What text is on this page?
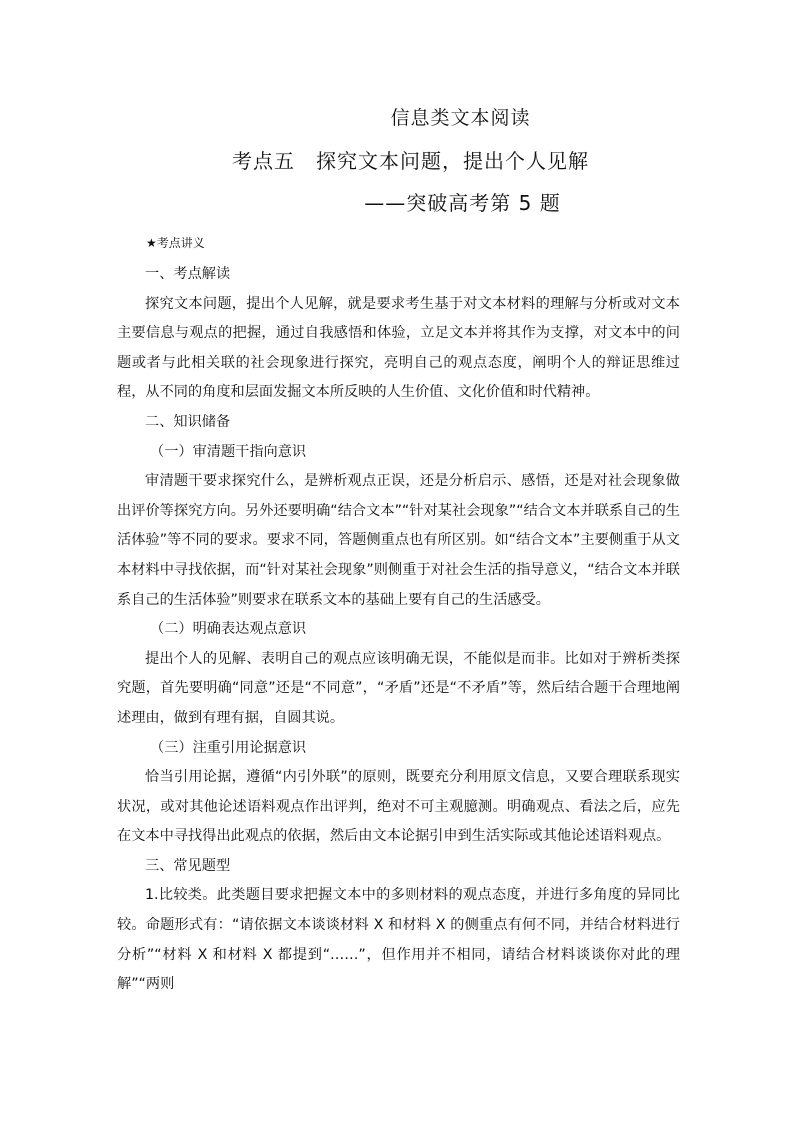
信息类文本阅读
考点五　探究文本问题，提出个人见解
——突破高考第 5 题
★考点讲义

一、考点解读

探究文本问题，提出个人见解，就是要求考生基于对文本材料的理解与分析或对文本主要信息与观点的把握，通过自我感悟和体验，立足文本并将其作为支撑，对文本中的问题或者与此相关联的社会现象进行探究，亮明自己的观点态度，阐明个人的辩证思维过程，从不同的角度和层面发掘文本所反映的人生价值、文化价值和时代精神。

二、知识储备

（一）审清题干指向意识

审清题干要求探究什么，是辨析观点正误，还是分析启示、感悟，还是对社会现象做出评价等探究方向。另外还要明确“结合文本”“针对某社会现象”“结合文本并联系自己的生活体验”等不同的要求。要求不同，答题侧重点也有所区别。如“结合文本”主要侧重于从文本材料中寻找依据，而“针对某社会现象”则侧重于对社会生活的指导意义，“结合文本并联系自己的生活体验”则要求在联系文本的基础上要有自己的生活感受。

（二）明确表达观点意识

提出个人的见解、表明自己的观点应该明确无误，不能似是而非。比如对于辨析类探究题，首先要明确“同意”还是“不同意”，“矛盾”还是“不矛盾”等，然后结合题干合理地阐述理由，做到有理有据，自圆其说。

（三）注重引用论据意识

恰当引用论据，遵循“内引外联”的原则，既要充分利用原文信息，又要合理联系现实状况，或对其他论述语料观点作出评判，绝对不可主观臆测。明确观点、看法之后，应先在文本中寻找得出此观点的依据，然后由文本论据引申到生活实际或其他论述语料观点。

三、常见题型

1.比较类。此类题目要求把握文本中的多则材料的观点态度，并进行多角度的异同比较。命题形式有：“请依据文本谈谈材料 X 和材料 X 的侧重点有何不同，并结合材料进行分析”“材料 X 和材料 X 都提到“……”，但作用并不相同，请结合材料谈谈你对此的理解”“两则
